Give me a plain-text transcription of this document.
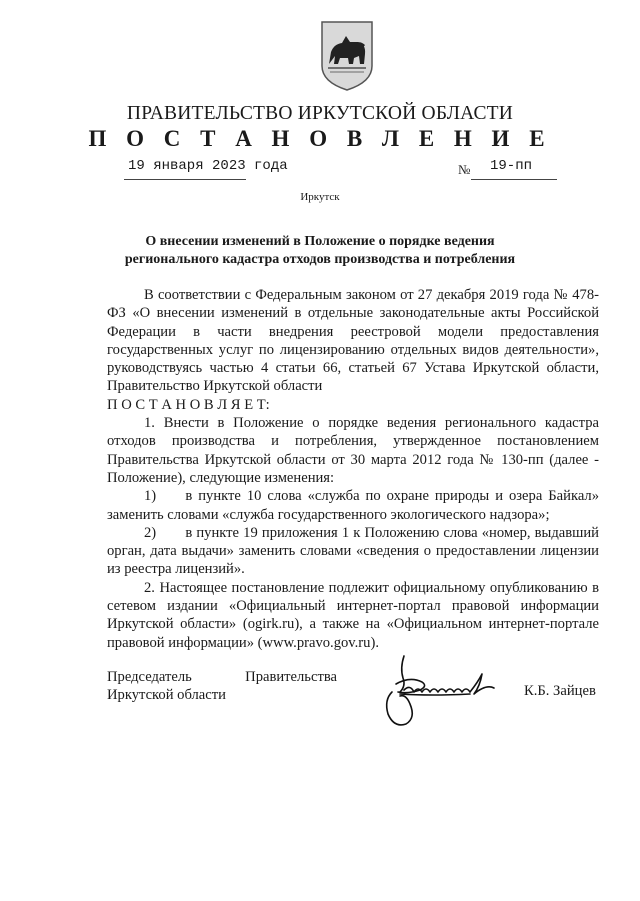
ПРАВИТЕЛЬСТВО ИРКУТСКОЙ ОБЛАСТИ
П О С Т А Н О В Л Е Н И Е
19 января 2023 года	№ 19-пп
Иркутск
О внесении изменений в Положение о порядке ведения регионального кадастра отходов производства и потребления

В соответствии с Федеральным законом от 27 декабря 2019 года № 478-ФЗ «О внесении изменений в отдельные законодательные акты Российской Федерации в части внедрения реестровой модели предоставления государственных услуг по лицензированию отдельных видов деятельности», руководствуясь частью 4 статьи 66, статьей 67 Устава Иркутской области, Правительство Иркутской области

П О С Т А Н О В Л Я Е Т:

1. Внести в Положение о порядке ведения регионального кадастра отходов производства и потребления, утвержденное постановлением Правительства Иркутской области от 30 марта 2012 года № 130-пп (далее - Положение), следующие изменения:

1)  в пункте 10 слова «служба по охране природы и озера Байкал» заменить словами «служба государственного экологического надзора»;

2)  в пункте 19 приложения 1 к Положению слова «номер, выдавший орган, дата выдачи» заменить словами «сведения о предоставлении лицензии из реестра лицензий».

2. Настоящее постановление подлежит официальному опубликованию в сетевом издании «Официальный интернет-портал правовой информации Иркутской области» (ogirk.ru), а также на «Официальном интернет-портале правовой информации» (www.pravo.gov.ru).

Председатель	Правительства
Иркутской области	К.Б. Зайцев
